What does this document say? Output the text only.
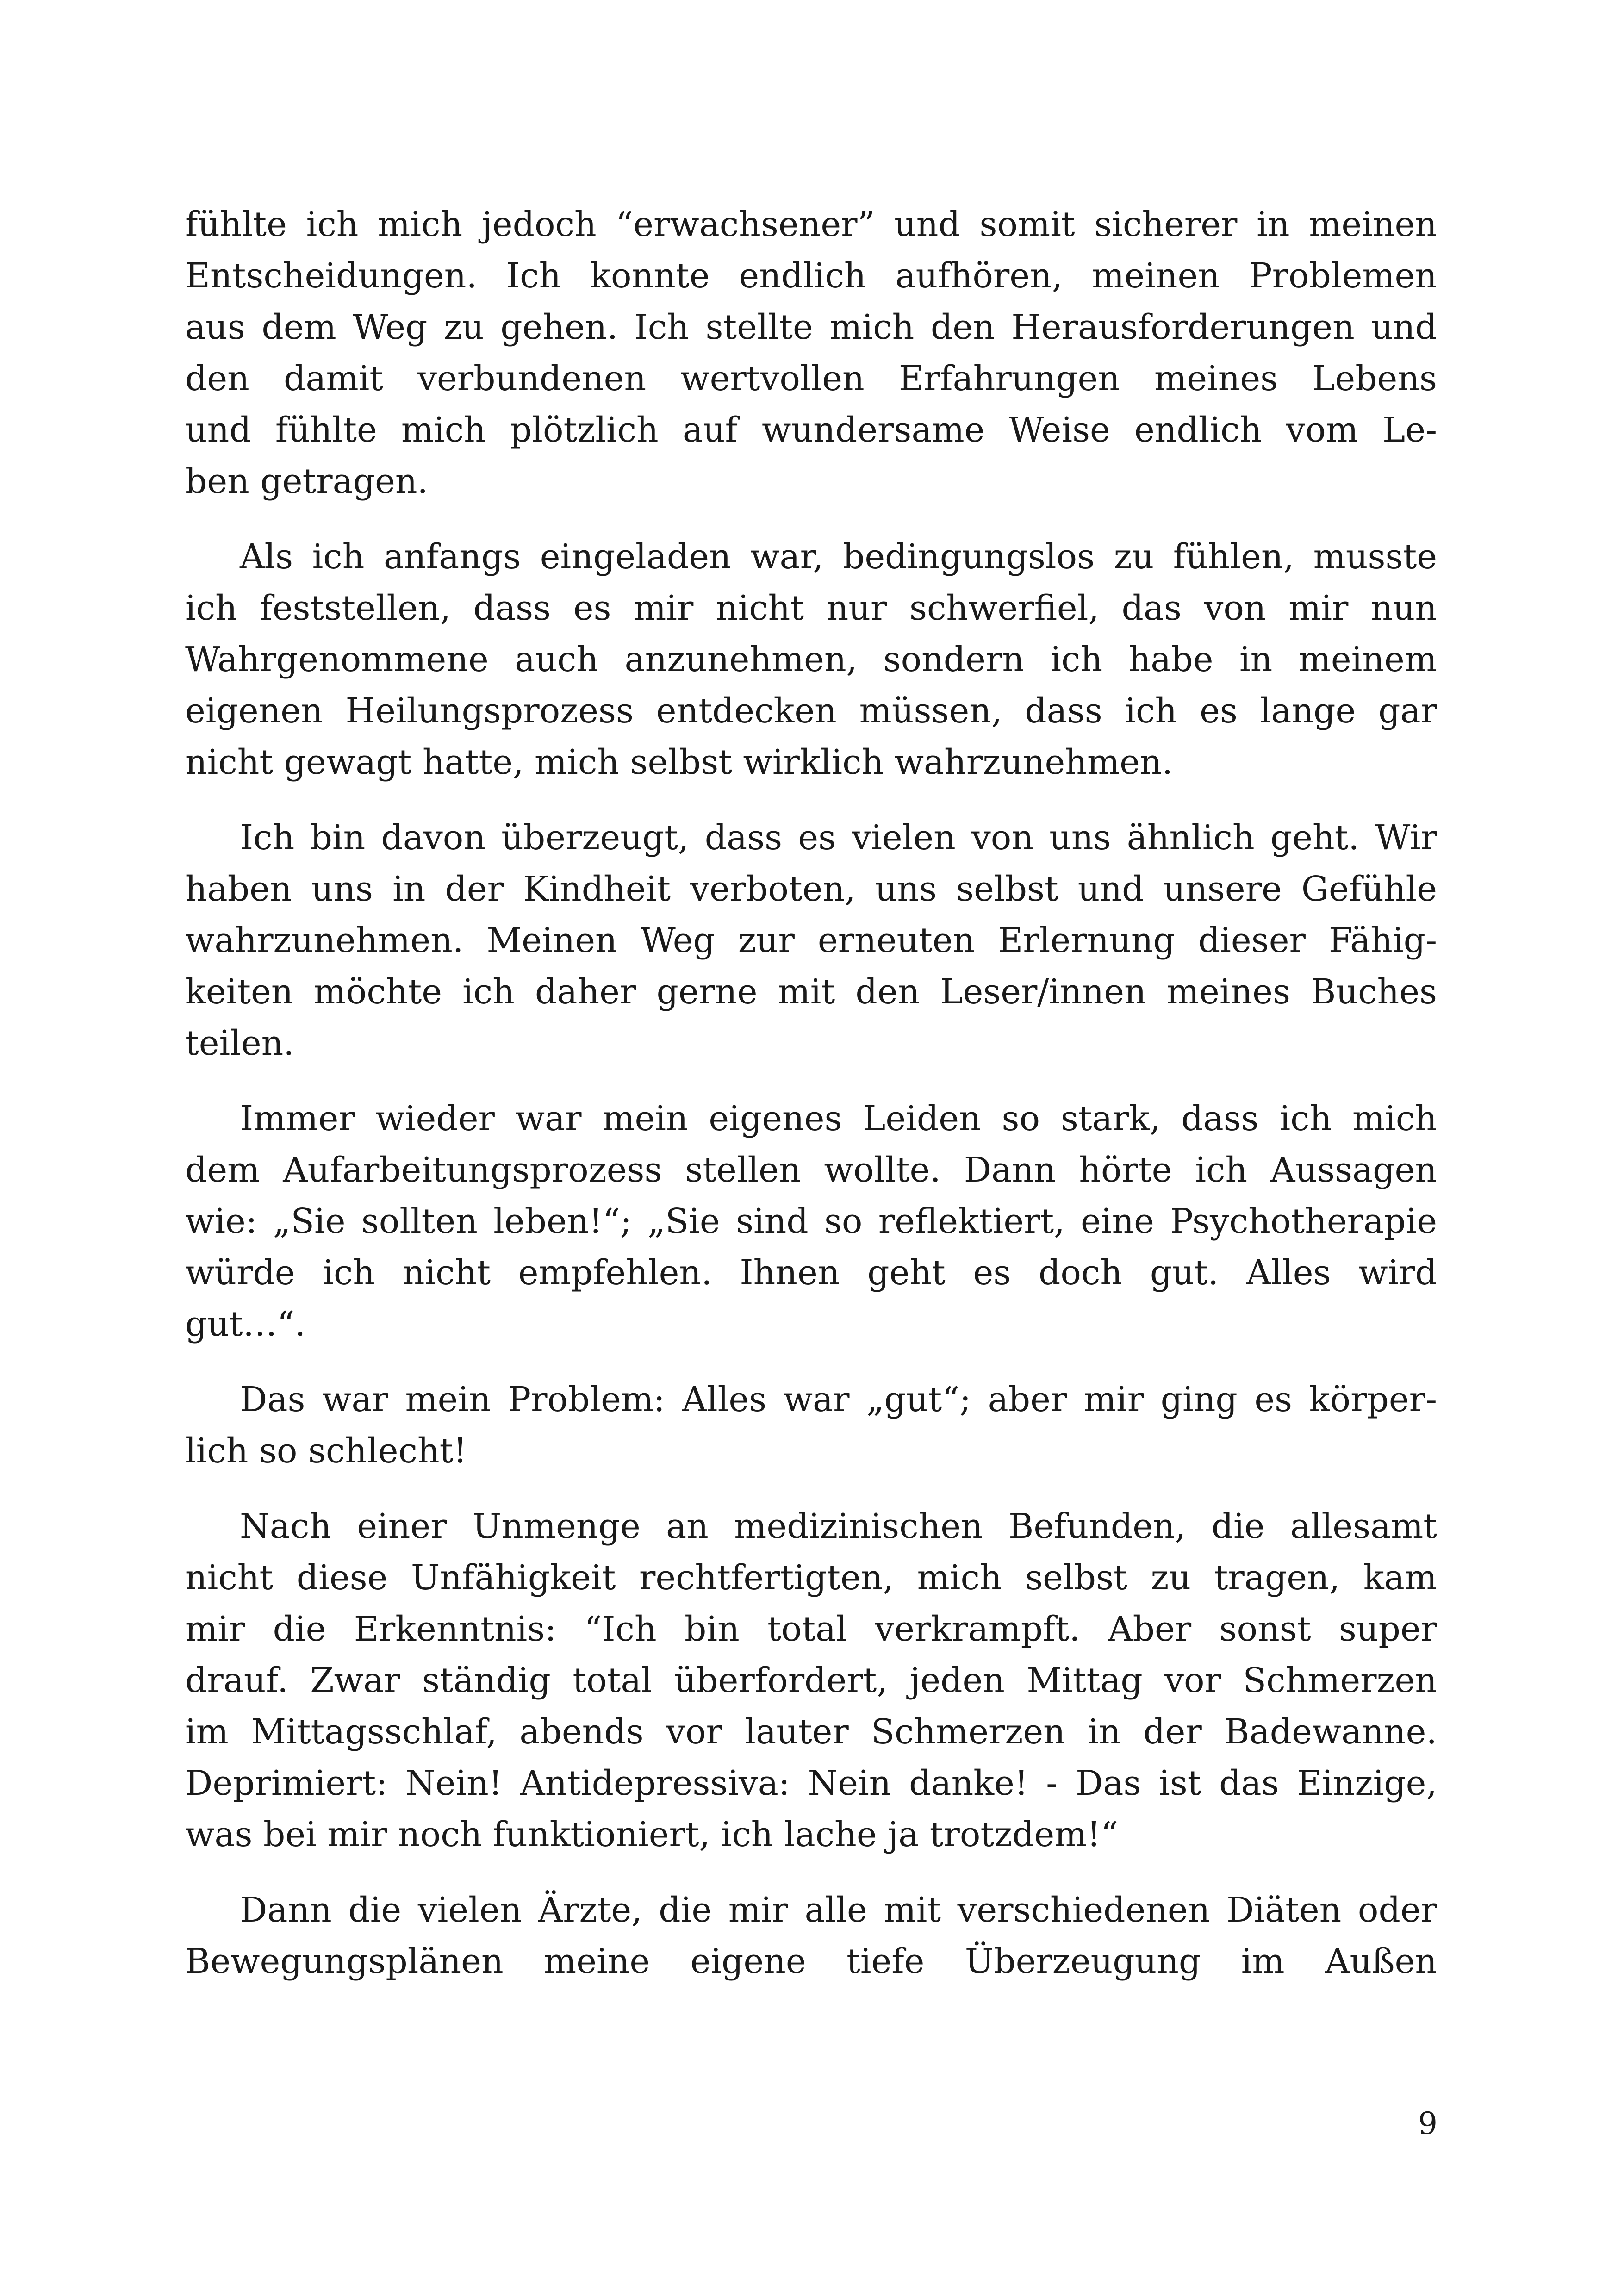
fühlte ich mich jedoch “erwachsener” und somit sicherer in meinen
Entscheidungen. Ich konnte endlich aufhören, meinen Problemen
aus dem Weg zu gehen. Ich stellte mich den Herausforderungen und
den damit verbundenen wertvollen Erfahrungen meines Lebens
und fühlte mich plötzlich auf wundersame Weise endlich vom Le-
ben getragen.
Als ich anfangs eingeladen war, bedingungslos zu fühlen, musste
ich feststellen, dass es mir nicht nur schwerfiel, das von mir nun
Wahrgenommene auch anzunehmen, sondern ich habe in meinem
eigenen Heilungsprozess entdecken müssen, dass ich es lange gar
nicht gewagt hatte, mich selbst wirklich wahrzunehmen.
Ich bin davon überzeugt, dass es vielen von uns ähnlich geht. Wir
haben uns in der Kindheit verboten, uns selbst und unsere Gefühle
wahrzunehmen. Meinen Weg zur erneuten Erlernung dieser Fähig-
keiten möchte ich daher gerne mit den Leser/innen meines Buches
teilen.
Immer wieder war mein eigenes Leiden so stark, dass ich mich
dem Aufarbeitungsprozess stellen wollte. Dann hörte ich Aussagen
wie: „Sie sollten leben!“; „Sie sind so reflektiert, eine Psychotherapie
würde ich nicht empfehlen. Ihnen geht es doch gut. Alles wird
gut…“.
Das war mein Problem: Alles war „gut“; aber mir ging es körper-
lich so schlecht!
Nach einer Unmenge an medizinischen Befunden, die allesamt
nicht diese Unfähigkeit rechtfertigten, mich selbst zu tragen, kam
mir die Erkenntnis: “Ich bin total verkrampft. Aber sonst super
drauf. Zwar ständig total überfordert, jeden Mittag vor Schmerzen
im Mittagsschlaf, abends vor lauter Schmerzen in der Badewanne.
Deprimiert: Nein! Antidepressiva: Nein danke! - Das ist das Einzige,
was bei mir noch funktioniert, ich lache ja trotzdem!“
Dann die vielen Ärzte, die mir alle mit verschiedenen Diäten oder
Bewegungsplänen meine eigene tiefe Überzeugung im Außen
9
